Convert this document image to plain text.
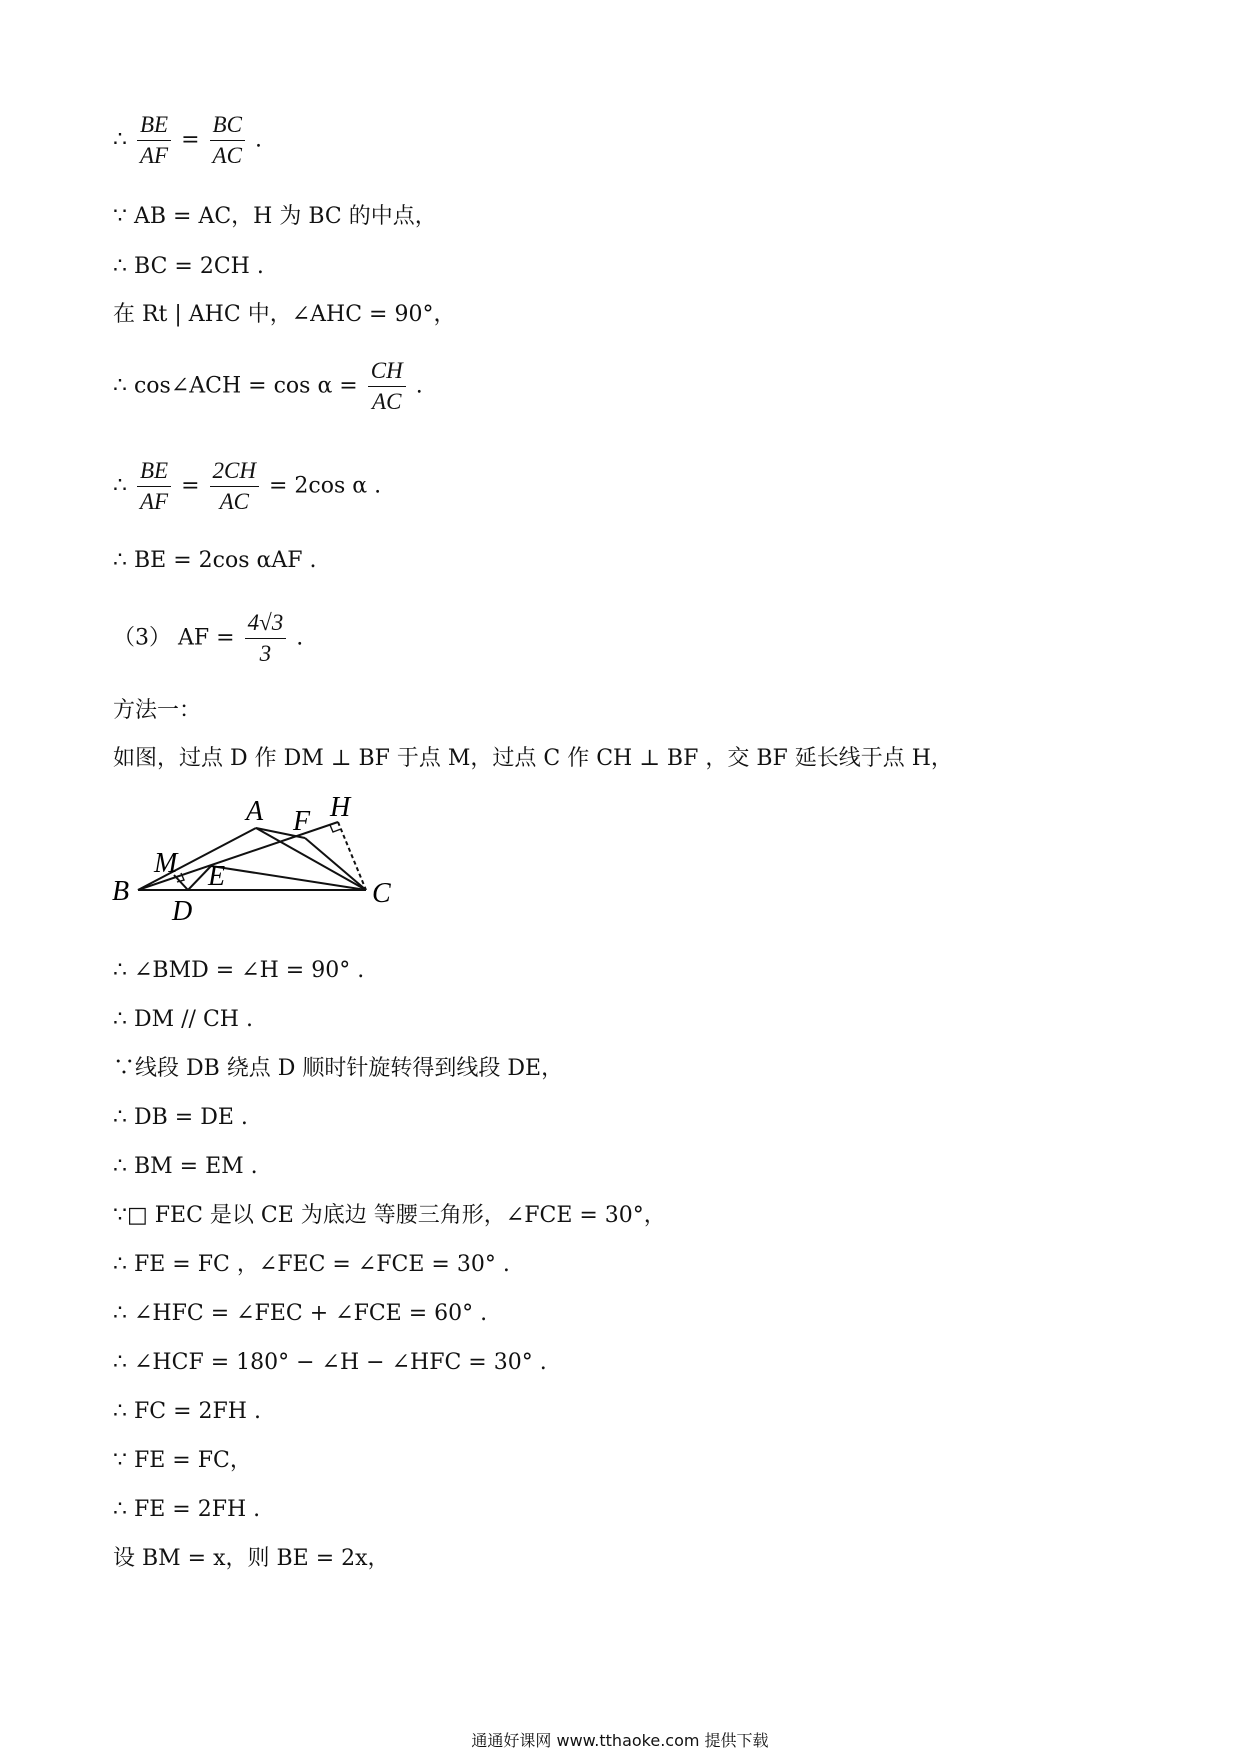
∴ $\frac{BE}{AF} = \frac{BC}{AC}$ .
∵ AB = AC，H 为 BC 的中点，
∴ BC = 2CH .
在 Rt | AHC 中，∠AHC = 90°，
∴ cos∠ACH = $\cos \alpha = \frac{CH}{AC}$ .
∴ $\frac{BE}{AF} = \frac{2CH}{AC} = 2\cos$ α .
∴ BE = 2cos αAF .
（3） AF = $\frac{4√3}{3}$ .
方法一：
如图，过点 D 作 DM ⊥ BF 于点 M，过点 C 作 CH ⊥ BF ，交 BF 延长线于点 H，
A F H
M E
B
D
C
∴ ∠BMD = ∠H = 90° .
∴ DM // CH .
∵线段 DB 绕点 D 顺时针旋转得到线段 DE，
∴ DB = DE .
∴ BM = EM .
∵□ FEC 是以 CE 为底边 等腰三角形，∠FCE = 30°，
∴ FE = FC ，∠FEC = ∠FCE = 30° .
∴ ∠HFC = ∠FEC + ∠FCE = 60° .
∴ ∠HCF = 180° − ∠H − ∠HFC = 30° .
∴ FC = 2FH .
∵ FE = FC，
∴ FE = 2FH .
设 BM = x，则 BE = 2x，
通通好课网 www.tthaoke.com 提供下载
